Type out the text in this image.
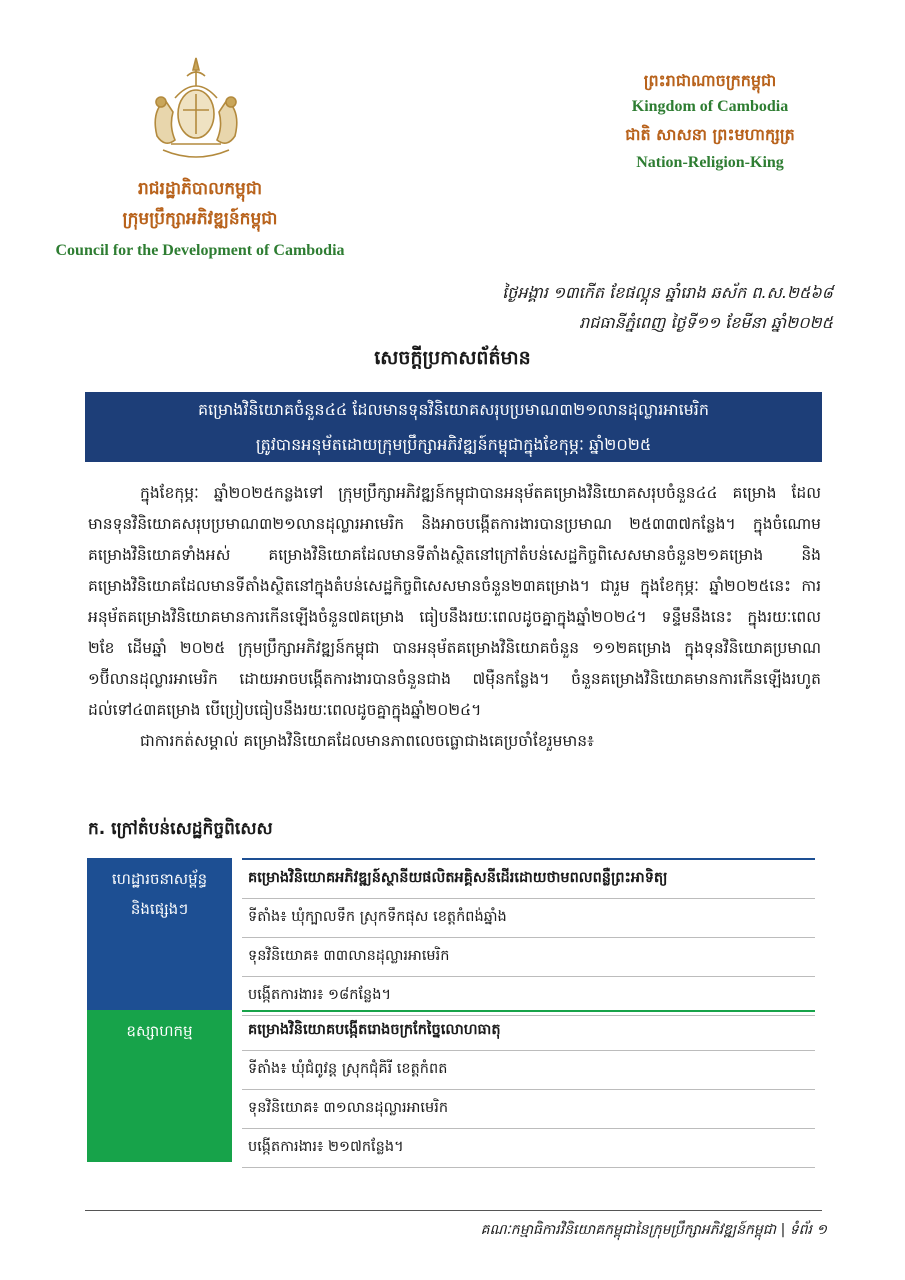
រាជរដ្ឋាភិបាលកម្ពុជា
ក្រុមប្រឹក្សាអភិវឌ្ឍន៍កម្ពុជា
Council for the Development of Cambodia
ព្រះរាជាណាចក្រកម្ពុជា
Kingdom of Cambodia
ជាតិ សាសនា ព្រះមហាក្សត្រ
Nation-Religion-King
ថ្ងៃអង្គារ ១៣កើត ខែផល្គុន ឆ្នាំរោង ឆស័ក ព.ស.២៥៦៨
រាជធានីភ្នំពេញ ថ្ងៃទី១១ ខែមីនា ឆ្នាំ២០២៥
សេចក្តីប្រកាសព័ត៌មាន
គម្រោងវិនិយោគចំនួន៤៤ ដែលមានទុនវិនិយោគសរុបប្រមាណ៣២១លានដុល្លារអាមេរិក
ត្រូវបានអនុម័តដោយក្រុមប្រឹក្សាអភិវឌ្ឍន៍កម្ពុជាក្នុងខែកុម្ភៈ ឆ្នាំ២០២៥

ក្នុងខែកុម្ភៈ ឆ្នាំ២០២៥កន្លងទៅ ក្រុមប្រឹក្សាអភិវឌ្ឍន៍កម្ពុជាបានអនុម័តគម្រោងវិនិយោគសរុបចំនួន៤៤ គម្រោង ដែលមានទុនវិនិយោគសរុបប្រមាណ៣២១លានដុល្លារអាមេរិក និងអាចបង្កើតការងារបានប្រមាណ ២៥៣៣៧កន្លែង។ ក្នុងចំណោមគម្រោងវិនិយោគទាំងអស់ គម្រោងវិនិយោគដែលមានទីតាំងស្ថិតនៅក្រៅតំបន់សេដ្ឋកិច្ចពិសេសមានចំនួន២១គម្រោង និងគម្រោងវិនិយោគដែលមានទីតាំងស្ថិតនៅក្នុងតំបន់សេដ្ឋកិច្ចពិសេសមានចំនួន២៣គម្រោង។ ជារួម ក្នុងខែកុម្ភៈ ឆ្នាំ២០២៥នេះ ការអនុម័តគម្រោងវិនិយោគមានការកើនឡើងចំនួន៧គម្រោង ធៀបនឹងរយៈពេលដូចគ្នាក្នុងឆ្នាំ២០២៤។ ទន្ទឹមនឹងនេះ ក្នុងរយៈពេល ២ខែ ដើមឆ្នាំ ២០២៥ ក្រុមប្រឹក្សាអភិវឌ្ឍន៍កម្ពុជា បានអនុម័តគម្រោងវិនិយោគចំនួន ១១២គម្រោង ក្នុងទុនវិនិយោគប្រមាណ ១ប៊ីលានដុល្លារអាមេរិក ដោយអាចបង្កើតការងារបានចំនួនជាង ៧ម៉ឺនកន្លែង។ ចំនួនគម្រោងវិនិយោគមានការកើនឡើងរហូតដល់ទៅ៤៣គម្រោង បើប្រៀបធៀបនឹងរយៈពេលដូចគ្នាក្នុងឆ្នាំ២០២៤។

ជាការកត់សម្គាល់ គម្រោងវិនិយោគដែលមានភាពលេចធ្លោជាងគេប្រចាំខែរួមមាន៖

ក. ក្រៅតំបន់សេដ្ឋកិច្ចពិសេស
ហេដ្ឋារចនាសម្ព័ន្ធ
និងផ្សេងៗ
គម្រោងវិនិយោគអភិវឌ្ឍន៍ស្ថានីយផលិតអគ្គិសនីដើរដោយថាមពលពន្លឺព្រះអាទិត្យ
ទីតាំង៖ ឃុំក្បាលទឹក ស្រុកទឹកផុស ខេត្តកំពង់ឆ្នាំង
ទុនវិនិយោគ៖ ៣៣លានដុល្លារអាមេរិក
បង្កើតការងារ៖ ១៨កន្លែង។
ឧស្សាហកម្ម	គម្រោងវិនិយោគបង្កើតរោងចក្រកែច្នៃលោហធាតុ
ទីតាំង៖ ឃុំជំពូវន្ត ស្រុកជុំគិរី ខេត្តកំពត
ទុនវិនិយោគ៖ ៣១លានដុល្លារអាមេរិក
បង្កើតការងារ៖ ២១៧កន្លែង។
គណៈកម្មាធិការវិនិយោគកម្ពុជានៃក្រុមប្រឹក្សាអភិវឌ្ឍន៍កម្ពុជា | ទំព័រ ១
